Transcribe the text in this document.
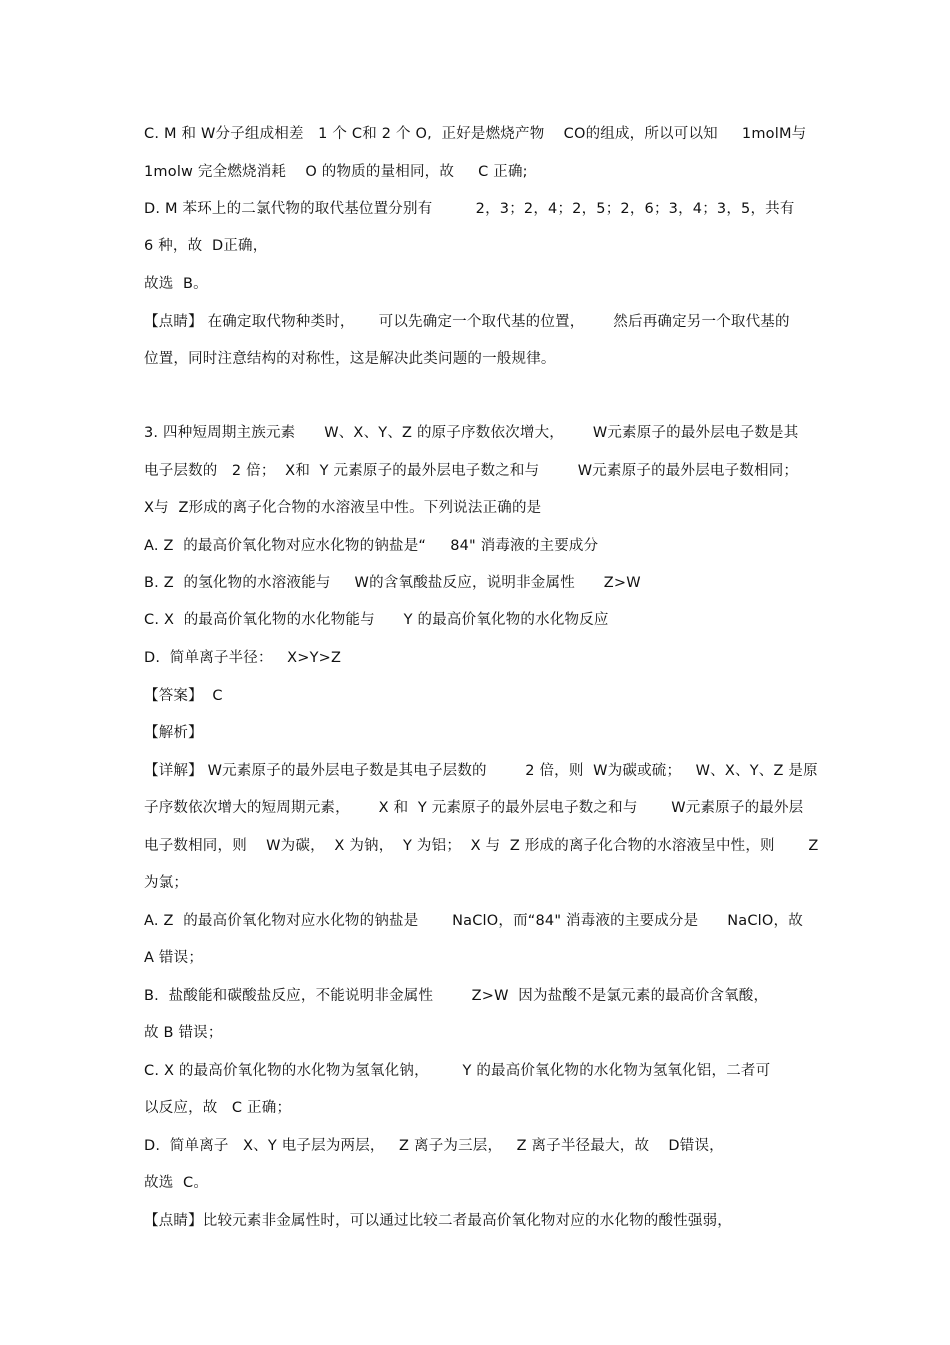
C. M 和 W分子组成相差   1 个 C和 2 个 O,  正好是燃烧产物    CO的组成，所以可以知     1molM与
1molw 完全燃烧消耗    O 的物质的量相同，故     C 正确;
D. M 苯环上的二氯代物的取代基位置分别有         2，3；2，4；2，5；2，6；3，4；3，5，共有
6 种，故  D正确，
故选  B。
【点睛】 在确定取代物种类时，     可以先确定一个取代基的位置，      然后再确定另一个取代基的
位置，同时注意结构的对称性，这是解决此类问题的一般规律。
3. 四种短周期主族元素      W、X、Y、Z 的原子序数依次增大，      W元素原子的最外层电子数是其
电子层数的   2 倍；  X和  Y 元素原子的最外层电子数之和与        W元素原子的最外层电子数相同；
X与  Z形成的离子化合物的水溶液呈中性。下列说法正确的是
A. Z  的最高价氧化物对应水化物的钠盐是“     84" 消毒液的主要成分
B. Z  的氢化物的水溶液能与     W的含氧酸盐反应，说明非金属性      Z>W
C. X  的最高价氧化物的水化物能与      Y 的最高价氧化物的水化物反应
D.  简单离子半径：   X>Y>Z
【答案】  C
【解析】
【详解】 W元素原子的最外层电子数是其电子层数的        2 倍，则  W为碳或硫；   W、X、Y、Z 是原
子序数依次增大的短周期元素，      X 和  Y 元素原子的最外层电子数之和与       W元素原子的最外层
电子数相同，则    W为碳，  X 为钠，  Y 为铝；  X 与  Z 形成的离子化合物的水溶液呈中性，则       Z
为氯；
A. Z  的最高价氧化物对应水化物的钠盐是       NaClO，而“84" 消毒液的主要成分是      NaClO，故
A 错误；
B.  盐酸能和碳酸盐反应，不能说明非金属性        Z>W  因为盐酸不是氯元素的最高价含氧酸，
故 B 错误；
C. X 的最高价氧化物的水化物为氢氧化钠，       Y 的最高价氧化物的水化物为氢氧化铝，二者可
以反应，故   C 正确；
D.  简单离子   X、Y 电子层为两层，   Z 离子为三层，   Z 离子半径最大，故    D错误，
故选  C。
【点睛】比较元素非金属性时，可以通过比较二者最高价氧化物对应的水化物的酸性强弱，
